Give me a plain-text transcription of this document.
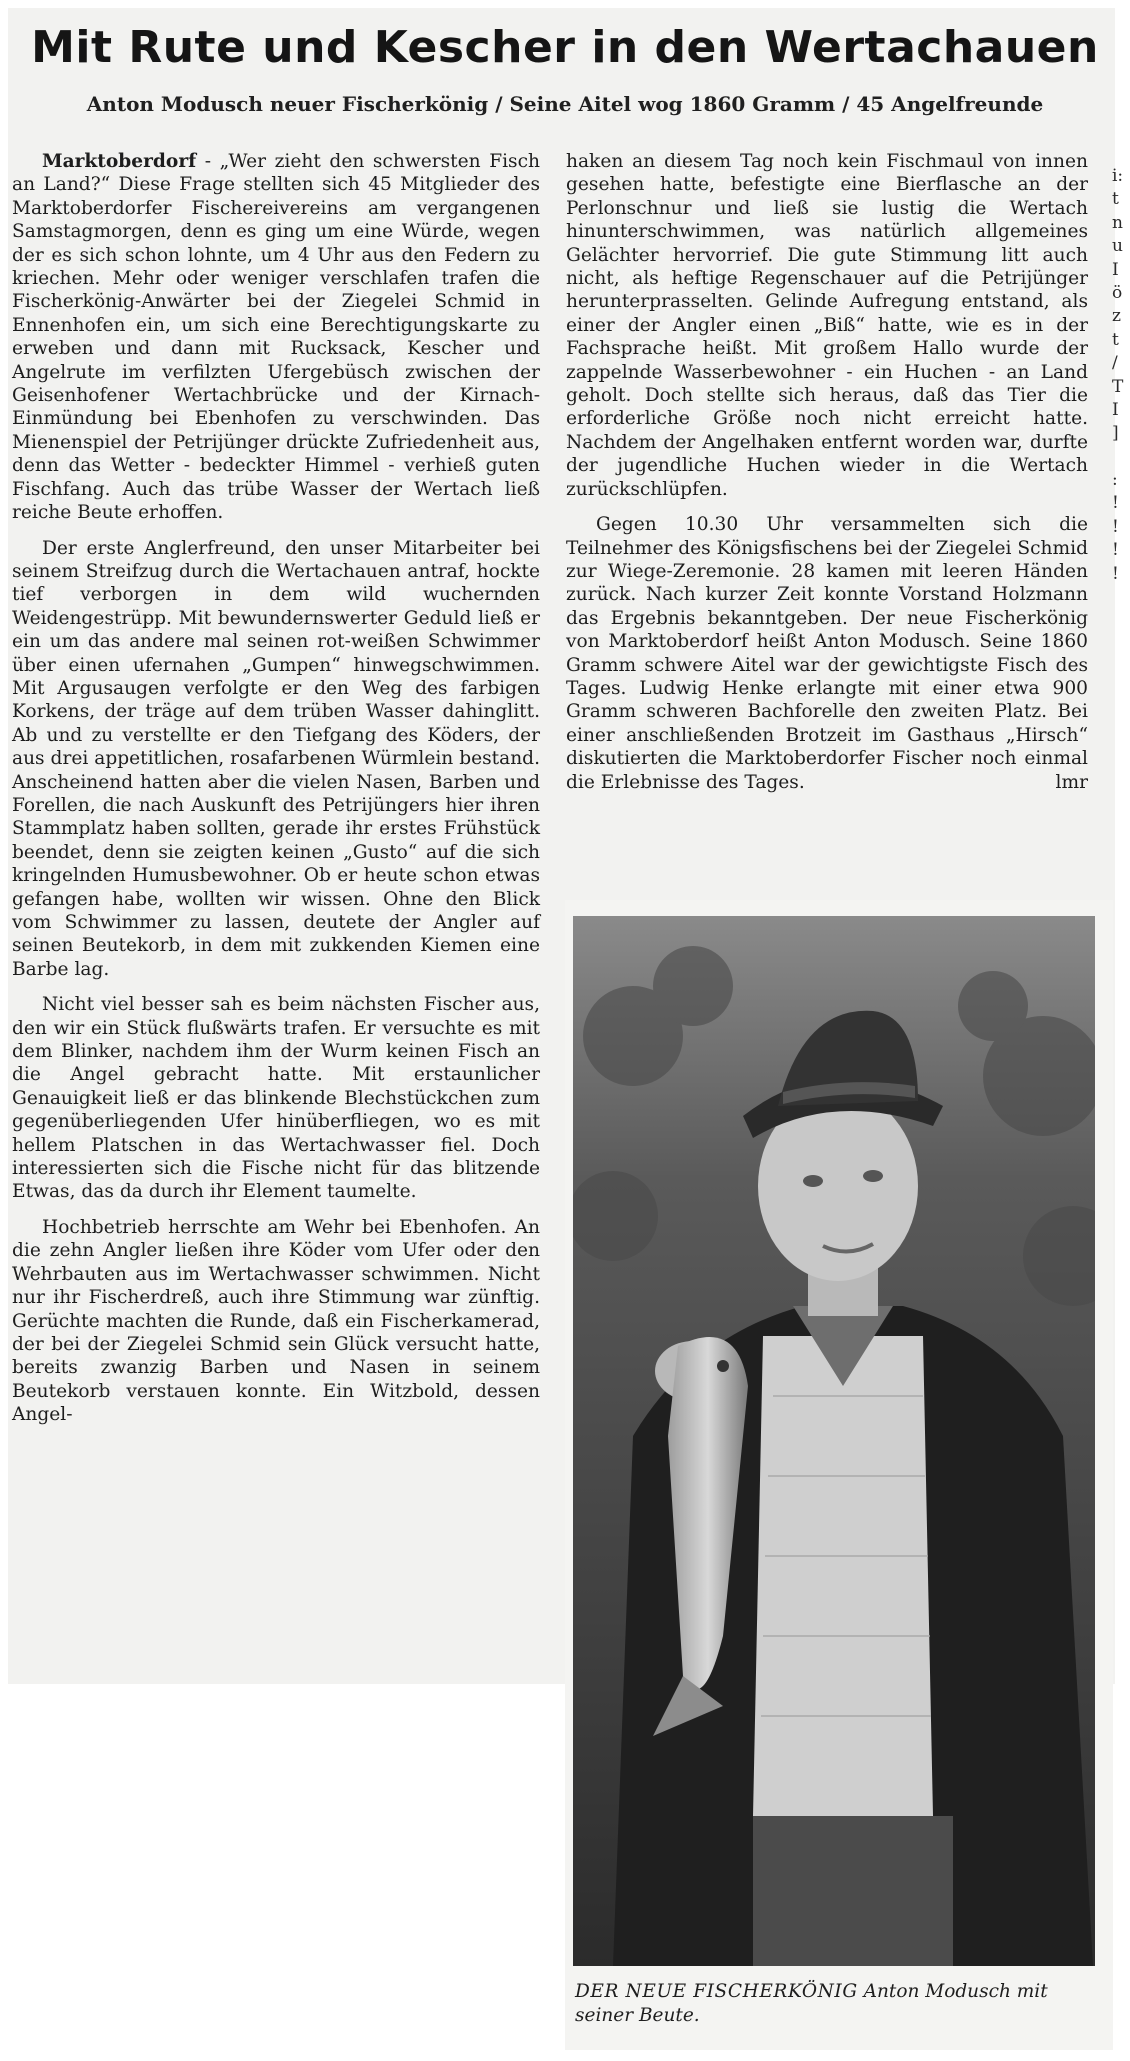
Mit Rute und Kescher in den Wertachauen
Anton Modusch neuer Fischerkönig / Seine Aitel wog 1860 Gramm / 45 Angelfreunde

Marktoberdorf - „Wer zieht den schwersten Fisch an Land?“ Diese Frage stellten sich 45 Mitglieder des Marktoberdorfer Fischereivereins am vergangenen Samstagmorgen, denn es ging um eine Würde, wegen der es sich schon lohnte, um 4 Uhr aus den Federn zu kriechen. Mehr oder weniger verschlafen trafen die Fischerkönig-Anwärter bei der Ziegelei Schmid in Ennenhofen ein, um sich eine Berechtigungskarte zu erweben und dann mit Rucksack, Kescher und Angelrute im verfilzten Ufergebüsch zwischen der Geisenhofener Wertachbrücke und der Kirnach-Einmündung bei Ebenhofen zu verschwinden. Das Mienenspiel der Petrijünger drückte Zufriedenheit aus, denn das Wetter - bedeckter Himmel - verhieß guten Fischfang. Auch das trübe Wasser der Wertach ließ reiche Beute erhoffen.

Der erste Anglerfreund, den unser Mitarbeiter bei seinem Streifzug durch die Wertachauen antraf, hockte tief verborgen in dem wild wuchernden Weidengestrüpp. Mit bewundernswerter Geduld ließ er ein um das andere mal seinen rot-weißen Schwimmer über einen ufernahen „Gumpen“ hinwegschwimmen. Mit Argusaugen verfolgte er den Weg des farbigen Korkens, der träge auf dem trüben Wasser dahinglitt. Ab und zu verstellte er den Tiefgang des Köders, der aus drei appetitlichen, rosafarbenen Würmlein bestand. Anscheinend hatten aber die vielen Nasen, Barben und Forellen, die nach Auskunft des Petrijüngers hier ihren Stammplatz haben sollten, gerade ihr erstes Frühstück beendet, denn sie zeigten keinen „Gusto“ auf die sich kringelnden Humusbewohner. Ob er heute schon etwas gefangen habe, wollten wir wissen. Ohne den Blick vom Schwimmer zu lassen, deutete der Angler auf seinen Beutekorb, in dem mit zukkenden Kiemen eine Barbe lag.

Nicht viel besser sah es beim nächsten Fischer aus, den wir ein Stück flußwärts trafen. Er versuchte es mit dem Blinker, nachdem ihm der Wurm keinen Fisch an die Angel gebracht hatte. Mit erstaunlicher Genauigkeit ließ er das blinkende Blechstückchen zum gegenüberliegenden Ufer hinüberfliegen, wo es mit hellem Platschen in das Wertachwasser fiel. Doch interessierten sich die Fische nicht für das blitzende Etwas, das da durch ihr Element taumelte.

Hochbetrieb herrschte am Wehr bei Ebenhofen. An die zehn Angler ließen ihre Köder vom Ufer oder den Wehrbauten aus im Wertachwasser schwimmen. Nicht nur ihr Fischerdreß, auch ihre Stimmung war zünftig. Gerüchte machten die Runde, daß ein Fischerkamerad, der bei der Ziegelei Schmid sein Glück versucht hatte, bereits zwanzig Barben und Nasen in seinem Beutekorb verstauen konnte. Ein Witzbold, dessen Angel-

haken an diesem Tag noch kein Fischmaul von innen gesehen hatte, befestigte eine Bierflasche an der Perlonschnur und ließ sie lustig die Wertach hinunterschwimmen, was natürlich allgemeines Gelächter hervorrief. Die gute Stimmung litt auch nicht, als heftige Regenschauer auf die Petrijünger herunterprasselten. Gelinde Aufregung entstand, als einer der Angler einen „Biß“ hatte, wie es in der Fachsprache heißt. Mit großem Hallo wurde der zappelnde Wasserbewohner - ein Huchen - an Land geholt. Doch stellte sich heraus, daß das Tier die erforderliche Größe noch nicht erreicht hatte. Nachdem der Angelhaken entfernt worden war, durfte der jugendliche Huchen wieder in die Wertach zurückschlüpfen.

Gegen 10.30 Uhr versammelten sich die Teilnehmer des Königsfischens bei der Ziegelei Schmid zur Wiege-Zeremonie. 28 kamen mit leeren Händen zurück. Nach kurzer Zeit konnte Vorstand Holzmann das Ergebnis bekanntgeben. Der neue Fischerkönig von Marktoberdorf heißt Anton Modusch. Seine 1860 Gramm schwere Aitel war der gewichtigste Fisch des Tages. Ludwig Henke erlangte mit einer etwa 900 Gramm schweren Bachforelle den zweiten Platz. Bei einer anschließenden Brotzeit im Gasthaus „Hirsch“ diskutierten die Marktoberdorfer Fischer noch einmal die Erlebnisse des Tages.	lmr

i:
t
n
u
I
ö
z
t
/
T
I
]
:
!
!
!
!
DER NEUE FISCHERKÖNIG Anton Modusch mit seiner Beute.
